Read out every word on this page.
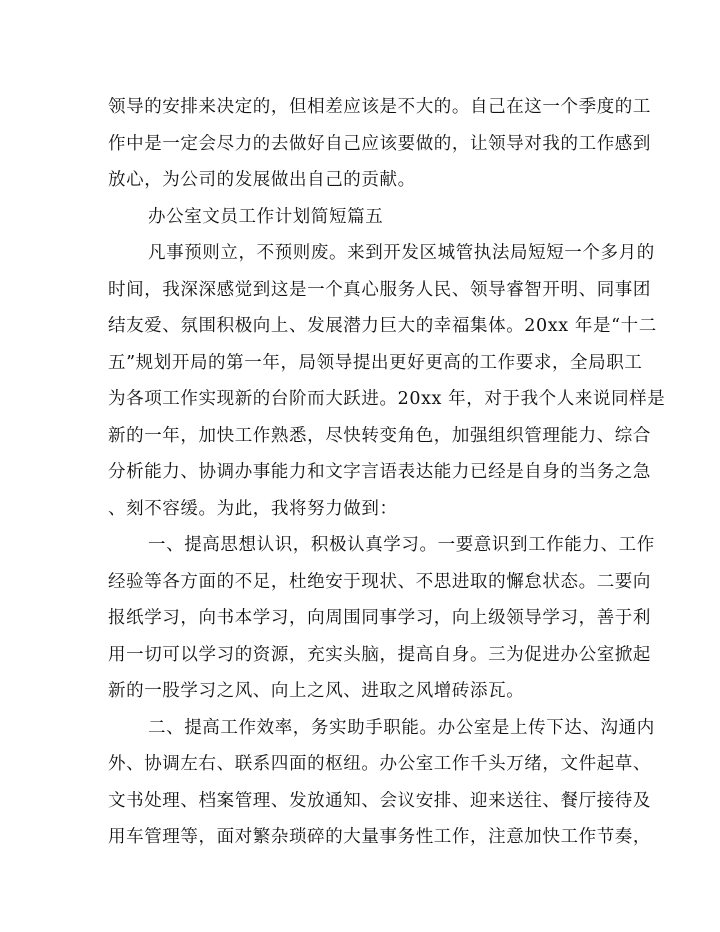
领导的安排来决定的，但相差应该是不大的。自己在这一个季度的工
作中是一定会尽力的去做好自己应该要做的，让领导对我的工作感到
放心，为公司的发展做出自己的贡献。
办公室文员工作计划简短篇五
凡事预则立，不预则废。来到开发区城管执法局短短一个多月的
时间，我深深感觉到这是一个真心服务人民、领导睿智开明、同事团
结友爱、氛围积极向上、发展潜力巨大的幸福集体。20xx 年是“十二
五”规划开局的第一年，局领导提出更好更高的工作要求，全局职工
为各项工作实现新的台阶而大跃进。20xx 年，对于我个人来说同样是
新的一年，加快工作熟悉，尽快转变角色，加强组织管理能力、综合
分析能力、协调办事能力和文字言语表达能力已经是自身的当务之急
、刻不容缓。为此，我将努力做到：
一、提高思想认识，积极认真学习。一要意识到工作能力、工作
经验等各方面的不足，杜绝安于现状、不思进取的懈怠状态。二要向
报纸学习，向书本学习，向周围同事学习，向上级领导学习，善于利
用一切可以学习的资源，充实头脑，提高自身。三为促进办公室掀起
新的一股学习之风、向上之风、进取之风增砖添瓦。
二、提高工作效率，务实助手职能。办公室是上传下达、沟通内
外、协调左右、联系四面的枢纽。办公室工作千头万绪，文件起草、
文书处理、档案管理、发放通知、会议安排、迎来送往、餐厅接待及
用车管理等，面对繁杂琐碎的大量事务性工作，注意加快工作节奏，
